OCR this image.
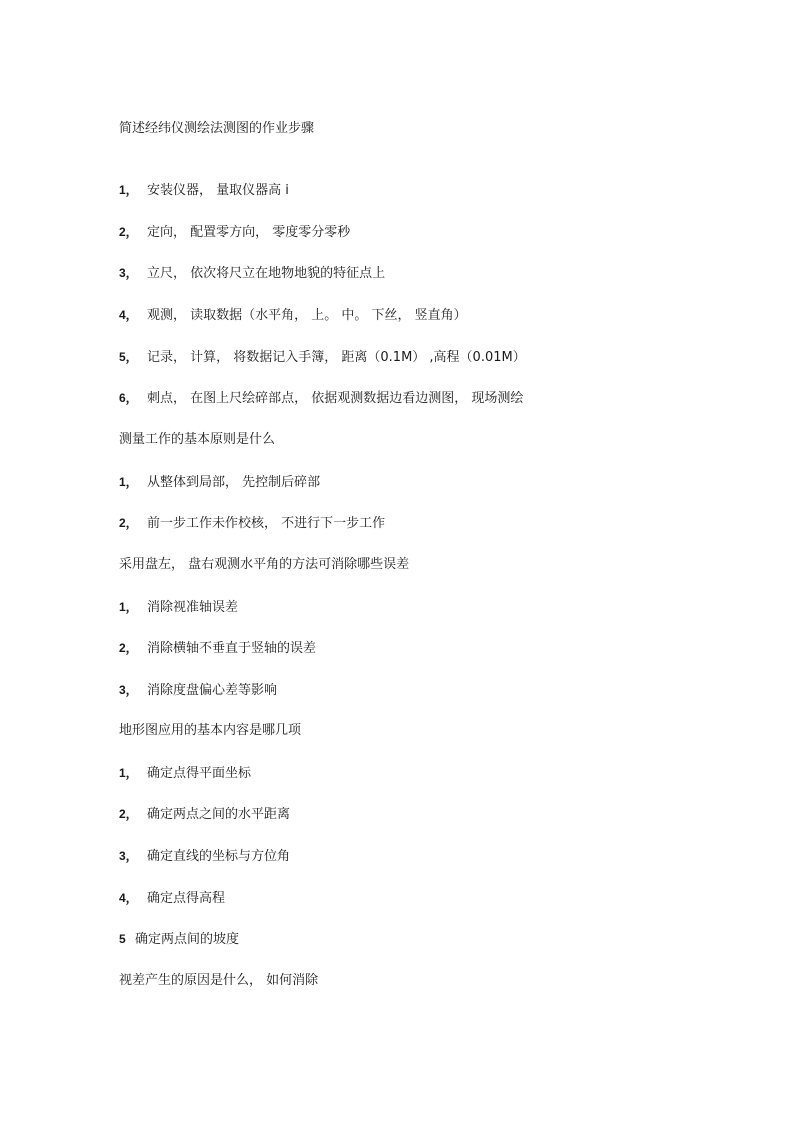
简述经纬仪测绘法测图的作业步骤
1， 安装仪器， 量取仪器高 i
2， 定向， 配置零方向， 零度零分零秒
3， 立尺， 依次将尺立在地物地貌的特征点上
4， 观测， 读取数据（水平角， 上。 中。 下丝， 竖直角）
5， 记录， 计算， 将数据记入手簿， 距离（0.1M） ,高程（0.01M）
6， 刺点， 在图上尺绘碎部点， 依据观测数据边看边测图， 现场测绘
测量工作的基本原则是什么
1， 从整体到局部， 先控制后碎部
2， 前一步工作未作校核， 不进行下一步工作
采用盘左， 盘右观测水平角的方法可消除哪些误差
1， 消除视准轴误差
2， 消除横轴不垂直于竖轴的误差
3， 消除度盘偏心差等影响
地形图应用的基本内容是哪几项
1， 确定点得平面坐标
2， 确定两点之间的水平距离
3， 确定直线的坐标与方位角
4， 确定点得高程
5 确定两点间的坡度
视差产生的原因是什么， 如何消除
